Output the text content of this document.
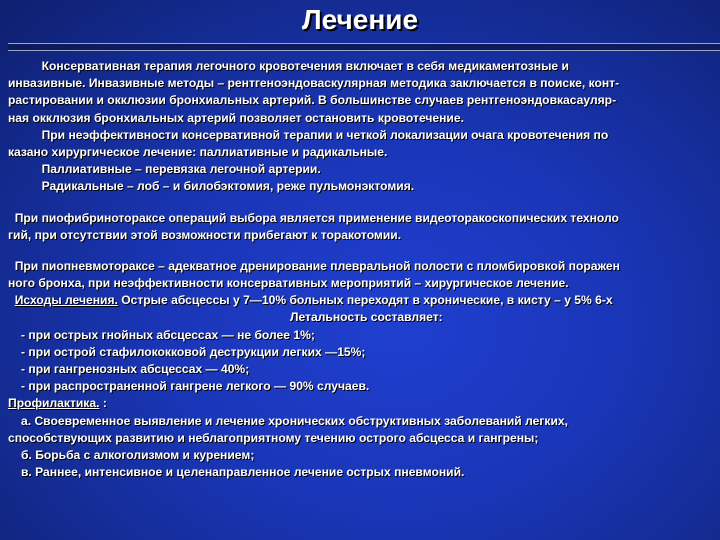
Лечение
Консервативная терапия легочного кровотечения включает в себя медикаментозные и
инвазивные. Инвазивные методы – рентгеноэндоваскулярная методика заключается в поиске, конт-
растировании и окклюзии бронхиальных артерий. В большинстве случаев рентгеноэндовкасауляр-
ная окклюзия бронхиальных артерий позволяет остановить кровотечение.
При неэффективности консервативной терапии и четкой локализации очага кровотечения по
казано хирургическое лечение: паллиативные и радикальные.
Паллиативные – перевязка легочной артерии.
Радикальные – лоб – и билобэктомия, реже пульмонэктомия.
При пиофибриноторакcе операций выбора является применение видеоторакоскопических техноло
гий, при отсутствии этой возможности прибегают к торакотомии.
При пиопневмотораксе – адекватное дренирование плевральной полости с пломбировкой поражен
ного бронха, при неэффективности консервативных мероприятий – хирургическое лечение.
Исходы лечения. Острые абсцессы у 7—10% больных переходят в хронические, в кисту – у 5% 6-х
Летальность составляет:
- при острых гнойных абсцессах — не более 1%;
- при острой стафилококковой деструкции легких —15%;
- при гангренозных абсцессах — 40%;
- при распространенной гангрене легкого — 90% случаев.
Профилактика. :
а. Своевременное выявление и лечение хронических обструктивных заболеваний легких,
способствующих развитию и неблагоприятному течению острого абсцесса и гангрены;
б. Борьба с алкоголизмом и курением;
в. Раннее, интенсивное и целенаправленное лечение острых пневмоний.
